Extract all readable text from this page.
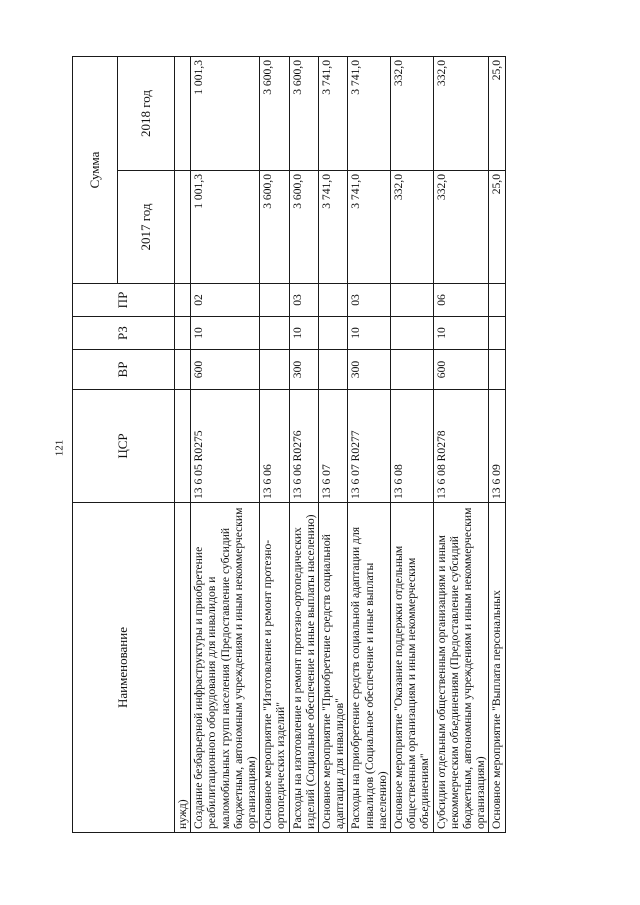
121
Наименование	ЦСР	ВР	РЗ	ПР	Сумма	
					2017 год	2018 год
нужд)						
Создание безбарьерной инфраструктуры и приобретение реабилитационного оборудования для инвалидов и маломобильных групп населения (Предоставление субсидий бюджетным, автономным учреждениям и иным некоммерческим организациям)	13 6 05 R0275	600	10	02	1 001,3	1 001,3
Основное мероприятие "Изготовление и ремонт протезно-ортопедических изделий"	13 6 06				3 600,0	3 600,0
Расходы на изготовление и ремонт протезно-ортопедических изделий (Социальное обеспечение и иные выплаты населению)	13 6 06 R0276	300	10	03	3 600,0	3 600,0
Основное мероприятие "Приобретение средств социальной адаптации для инвалидов"	13 6 07				3 741,0	3 741,0
Расходы на приобретение средств социальной адаптации для инвалидов (Социальное обеспечение и иные выплаты населению)	13 6 07 R0277	300	10	03	3 741,0	3 741,0
Основное мероприятие "Оказание поддержки отдельным общественным организациям и иным некоммерческим объединениям"	13 6 08				332,0	332,0
Субсидии отдельным общественным организациям и иным некоммерческим объединениям (Предоставление субсидий бюджетным, автономным учреждениям и иным некоммерческим организациям)	13 6 08 R0278	600	10	06	332,0	332,0
Основное мероприятие "Выплата персональных	13 6 09				25,0	25,0
